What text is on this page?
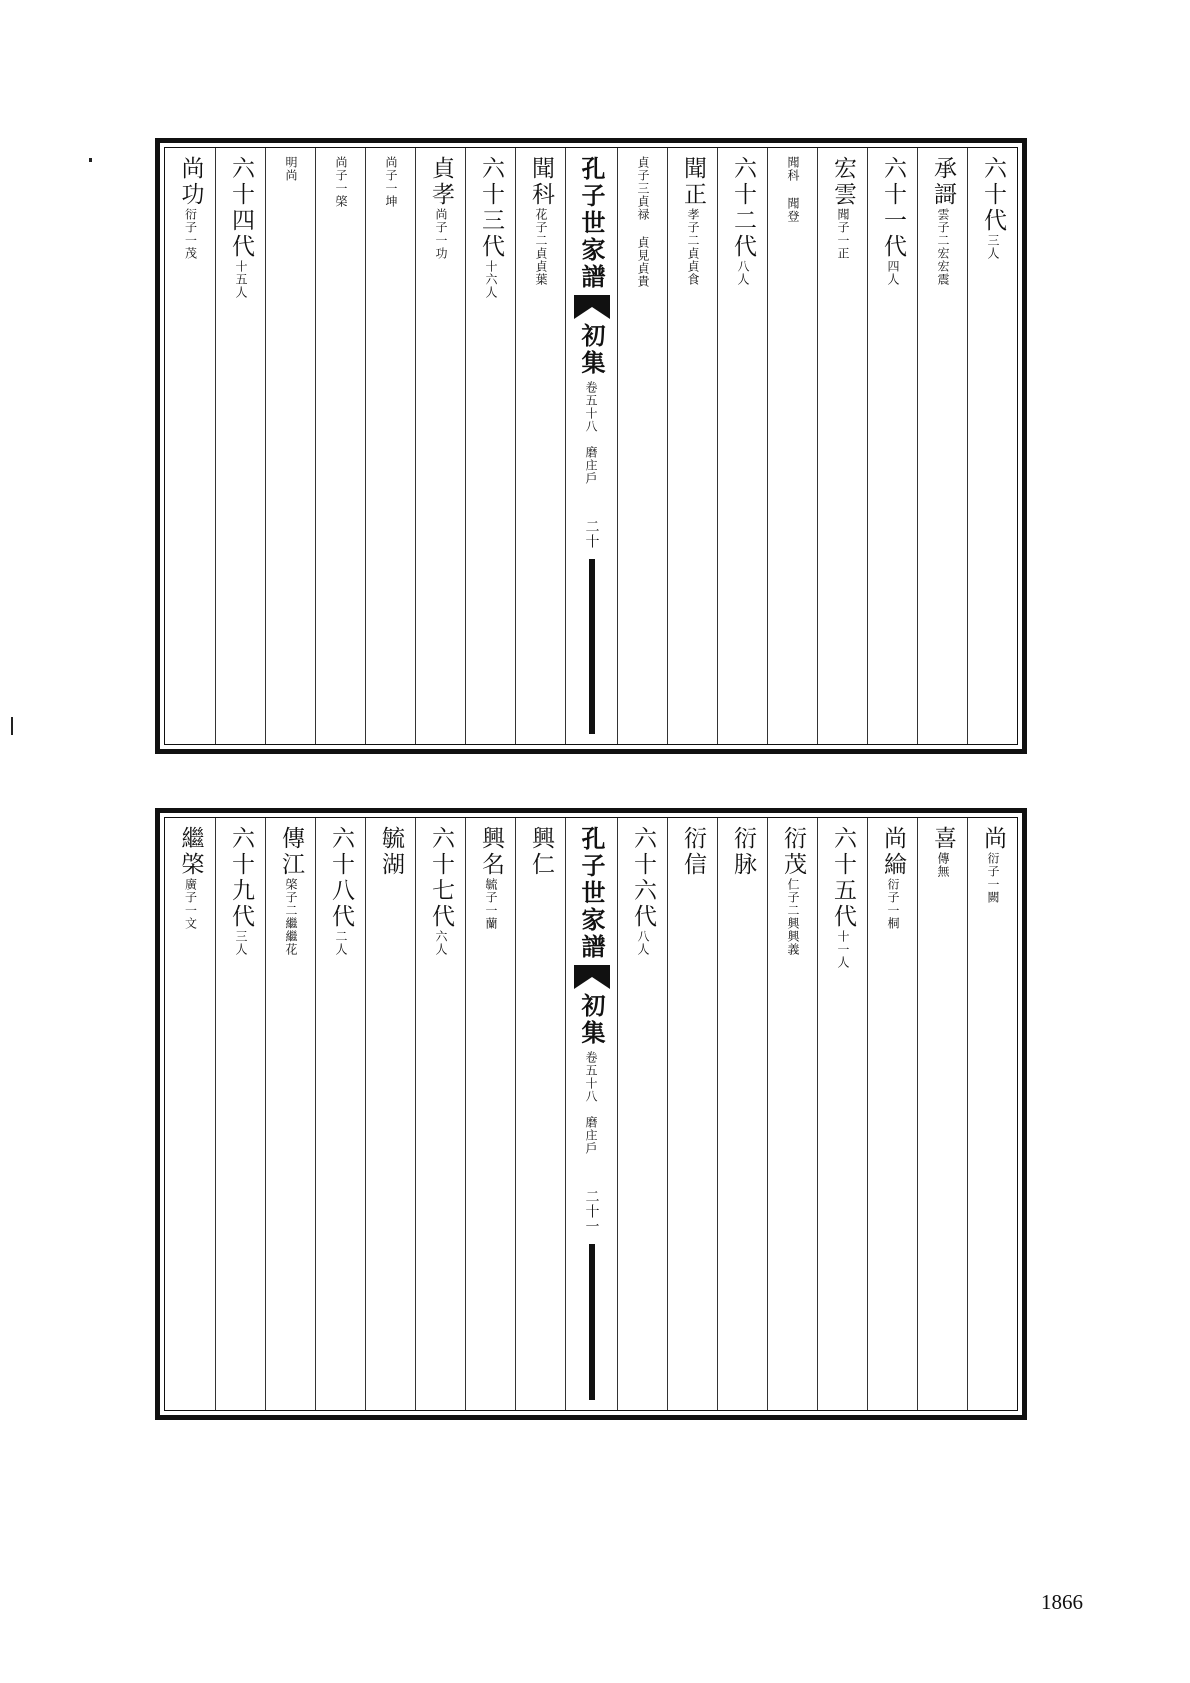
六十代三人
承謌雲子二宏宏震
六十一代四人
宏雲聞子一正
聞科 聞登
六十二代八人
聞正孝子二貞貞食
貞子三貞禄 貞見貞貴
孔子世家譜
初集
卷五十八　磨庄戶
二十
聞科花子二貞貞葉
六十三代十六人
貞孝尚子一功
尚子一坤
尚子一棨
明尚
六十四代十五人
尚功衍子一茂
尚衍子一闕
喜傳無
尚綸衍子一桐
六十五代十一人
衍茂仁子二興興義
衍脉
衍信
六十六代八人
孔子世家譜
初集
卷五十八　磨庄戶
二十一
興仁
興名毓子一蘭
六十七代六人
毓湖
六十八代二人
傳江棨子二繼繼花
六十九代三人
繼棨廣子一文
1866
